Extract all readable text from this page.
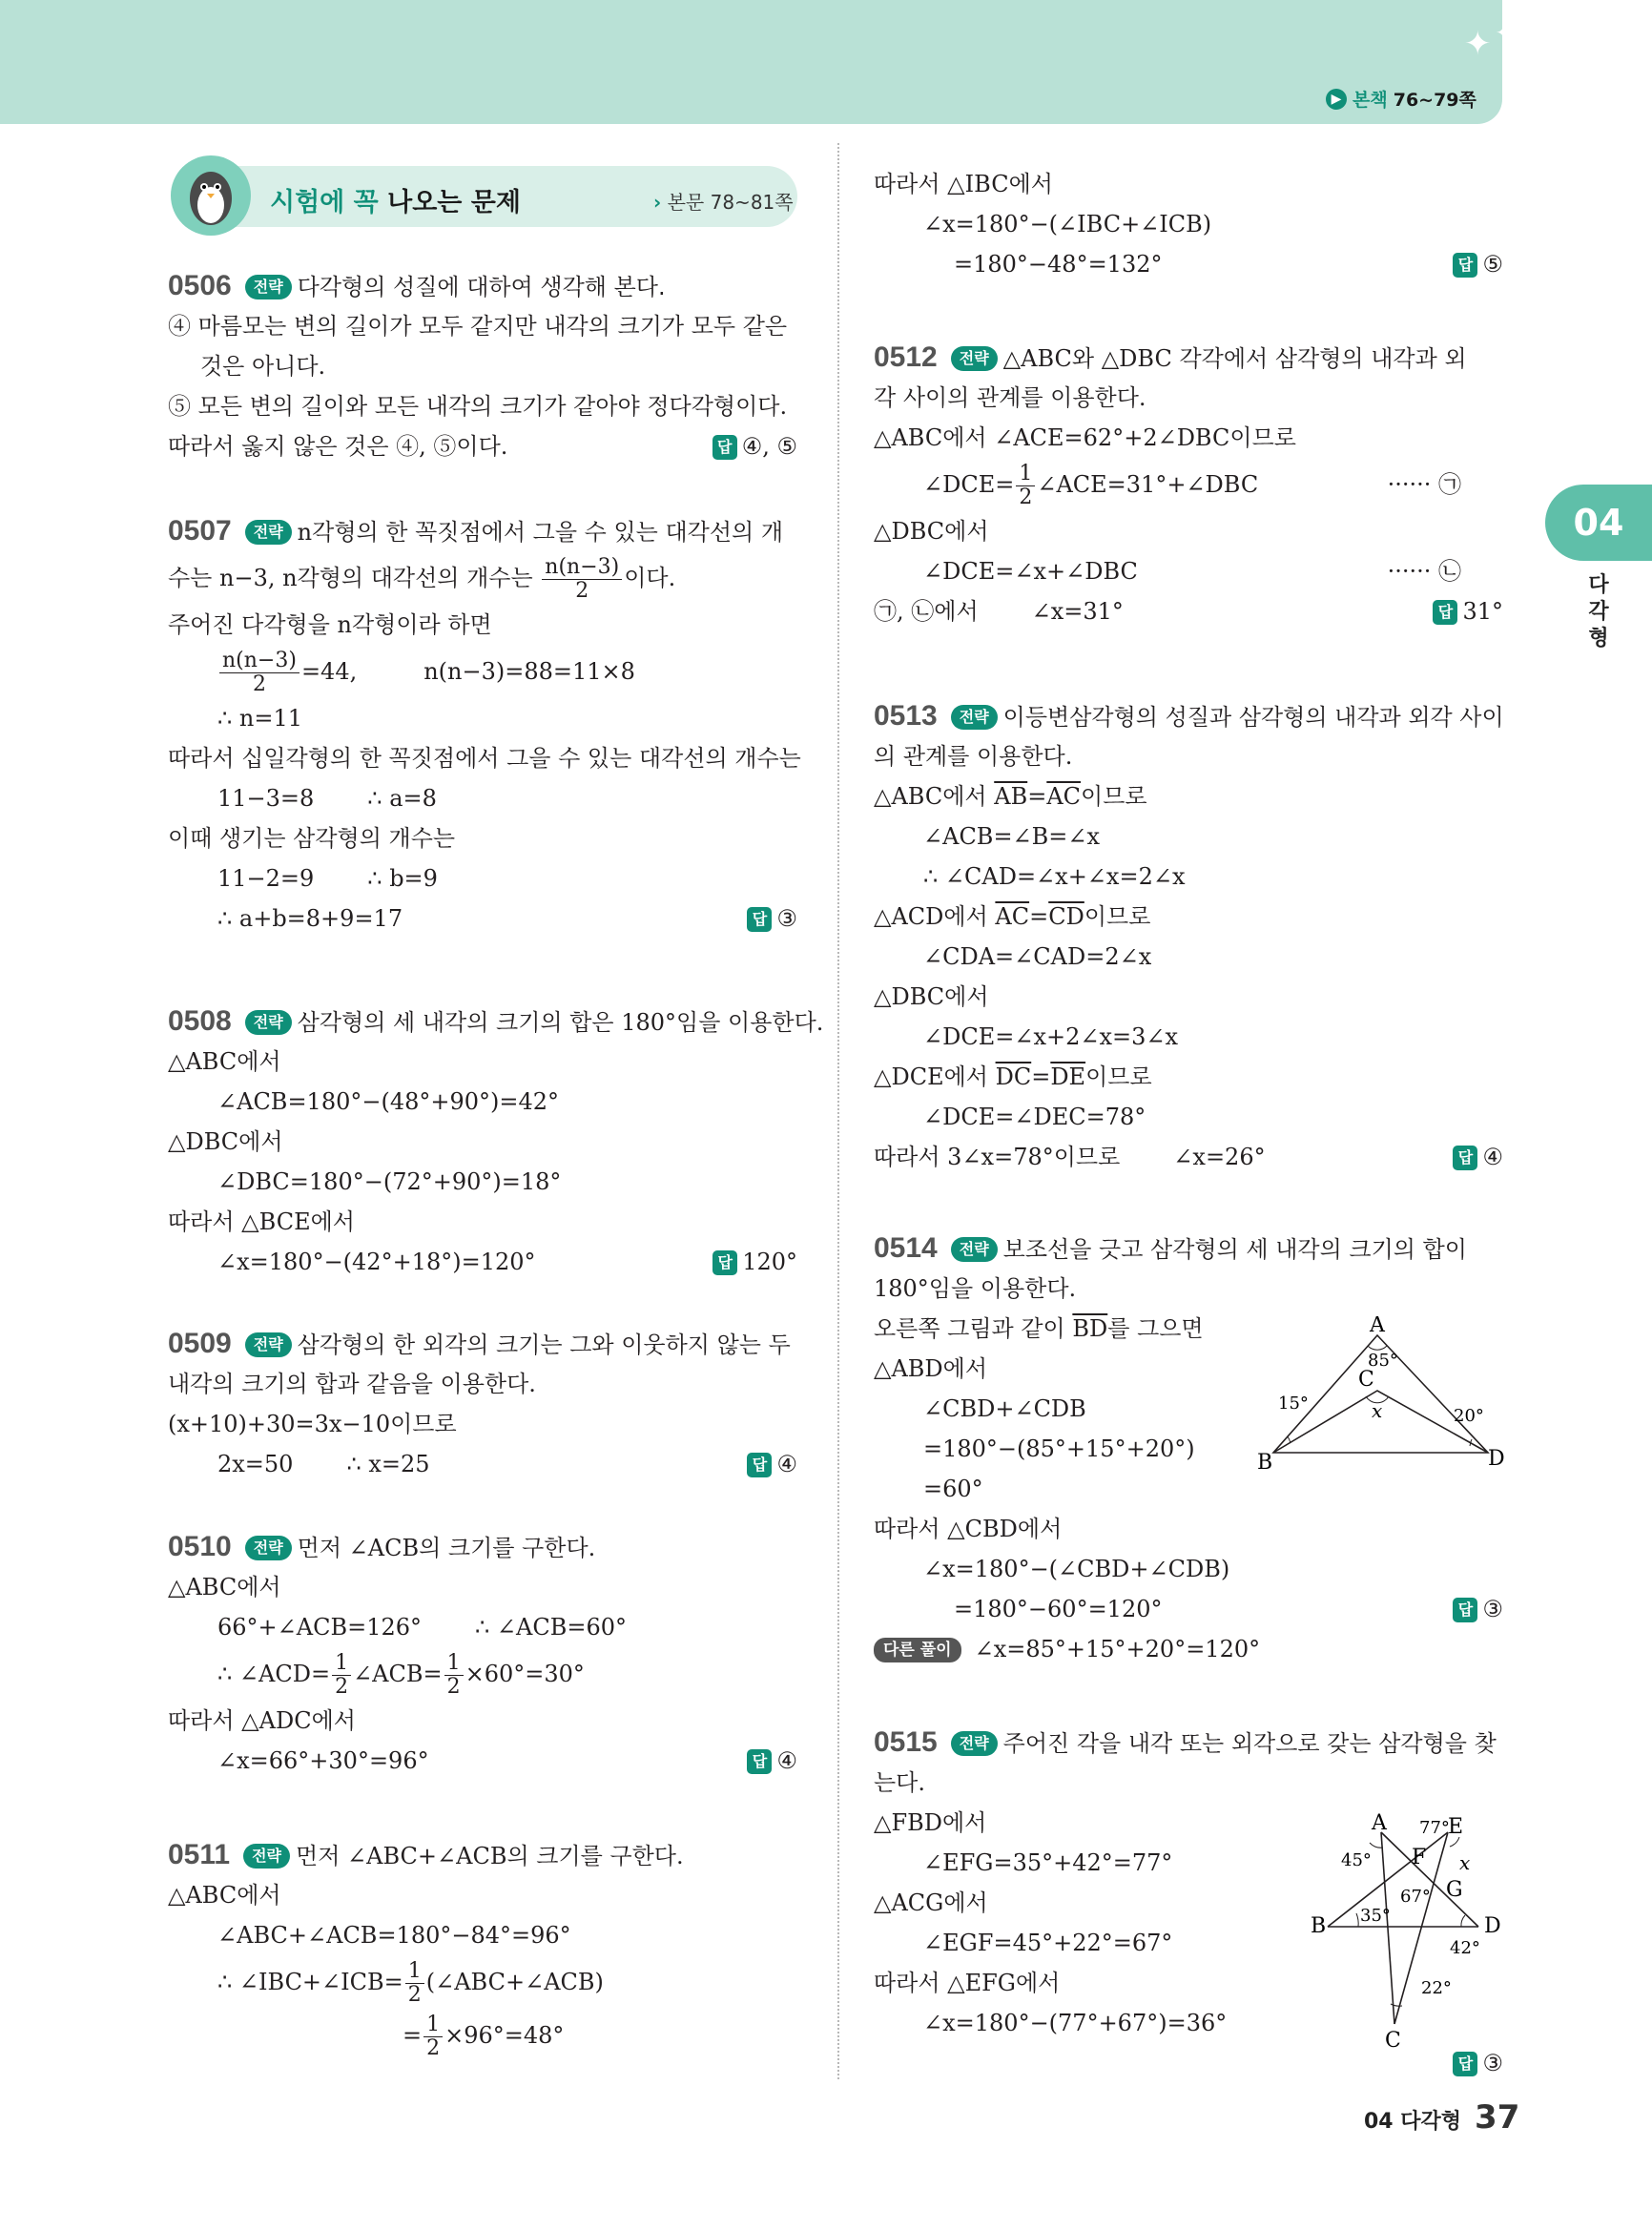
✦ ✦
▶ 본책 76~79쪽
04
다각형
시험에 꼭 나오는 문제	› 본문 78~81쪽
0506 전략 다각형의 성질에 대하여 생각해 본다.
④ 마름모는 변의 길이가 모두 같지만 내각의 크기가 모두 같은
것은 아니다.
⑤ 모든 변의 길이와 모든 내각의 크기가 같아야 정다각형이다.
따라서 옳지 않은 것은 ④, ⑤이다.	답 ④, ⑤
0507 전략 n각형의 한 꼭짓점에서 그을 수 있는 대각선의 개
수는 n−3, n각형의 대각선의 개수는 $\frac{n(n-3)}{2}$ 이다.
주어진 다각형을 n각형이라 하면
$\frac{n(n-3)}{2} =44$,	n(n−3)=88=11×8
∴ n=11
따라서 십일각형의 한 꼭짓점에서 그을 수 있는 대각선의 개수는
11−3=8 ∴ a=8
이때 생기는 삼각형의 개수는
11−2=9 ∴ b=9
∴ a+b=8+9=17	답 ③
0508 전략 삼각형의 세 내각의 크기의 합은 180°임을 이용한다.
△ABC에서
∠ACB=180°−(48°+90°)=42°
△DBC에서
∠DBC=180°−(72°+90°)=18°
따라서 △BCE에서
∠x=180°−(42°+18°)=120°	답 120°
0509 전략 삼각형의 한 외각의 크기는 그와 이웃하지 않는 두
내각의 크기의 합과 같음을 이용한다.
(x+10)+30=3x−10이므로
2x=50 ∴ x=25	답 ④
0510 전략 먼저 ∠ACB의 크기를 구한다.
△ABC에서
66°+∠ACB=126° ∴ ∠ACB=60°
∴ ∠ACD= $\frac{1}{2}$ ∠ACB= $\frac{1}{2} \times 60^\circ=30^\circ$
따라서 △ADC에서
∠x=66°+30°=96°	답 ④
0511 전략 먼저 ∠ABC+∠ACB의 크기를 구한다.
△ABC에서
∠ABC+∠ACB=180°−84°=96°
∴ ∠IBC+∠ICB= $\frac{1}{2}$ (∠ABC+∠ACB)
= $\frac{1}{2} \times 96^\circ=48^\circ$
따라서 △IBC에서
∠x=180°−(∠IBC+∠ICB)
=180°−48°=132°	답 ⑤
0512 전략 △ABC와 △DBC 각각에서 삼각형의 내각과 외
각 사이의 관계를 이용한다.
△ABC에서 ∠ACE=62°+2∠DBC이므로
∠DCE= $\frac{1}{2}$ ∠ACE=31°+∠DBC	······ ㉠
△DBC에서
∠DCE=∠x+∠DBC	······ ㉡
㉠, ㉡에서 ∠x=31°	답 31°
0513 전략 이등변삼각형의 성질과 삼각형의 내각과 외각 사이
의 관계를 이용한다.
△ABC에서 $\overline{AB}=\overline{AC}$이므로
∠ACB=∠B=∠x
∴ ∠CAD=∠x+∠x=2∠x
△ACD에서 $\overline{AC}=\overline{CD}$이므로
∠CDA=∠CAD=2∠x
△DBC에서
∠DCE=∠x+2∠x=3∠x
△DCE에서 $\overline{DC}=\overline{DE}$이므로
∠DCE=∠DEC=78°
따라서 3∠x=78°이므로 ∠x=26°	답 ④
0514 전략 보조선을 긋고 삼각형의 세 내각의 크기의 합이
180°임을 이용한다.
오른쪽 그림과 같이 $\overline{BD}$를 그으면
△ABD에서
∠CBD+∠CDB
=180°−(85°+15°+20°)
=60°
따라서 △CBD에서
∠x=180°−(∠CBD+∠CDB)
=180°−60°=120°	답 ③
다른 풀이 ∠x=85°+15°+20°=120°
A
85°
C
x
15°
20°
B	D
0515 전략 주어진 각을 내각 또는 외각으로 갖는 삼각형을 찾
는다.
△FBD에서
∠EFG=35°+42°=77°
△ACG에서
∠EGF=45°+22°=67°
따라서 △EFG에서
∠x=180°−(77°+67°)=36°
답 ③
A 77°
E
45° F x
67° G
B 35°	D
42°
22°
C
04 다각형 37
